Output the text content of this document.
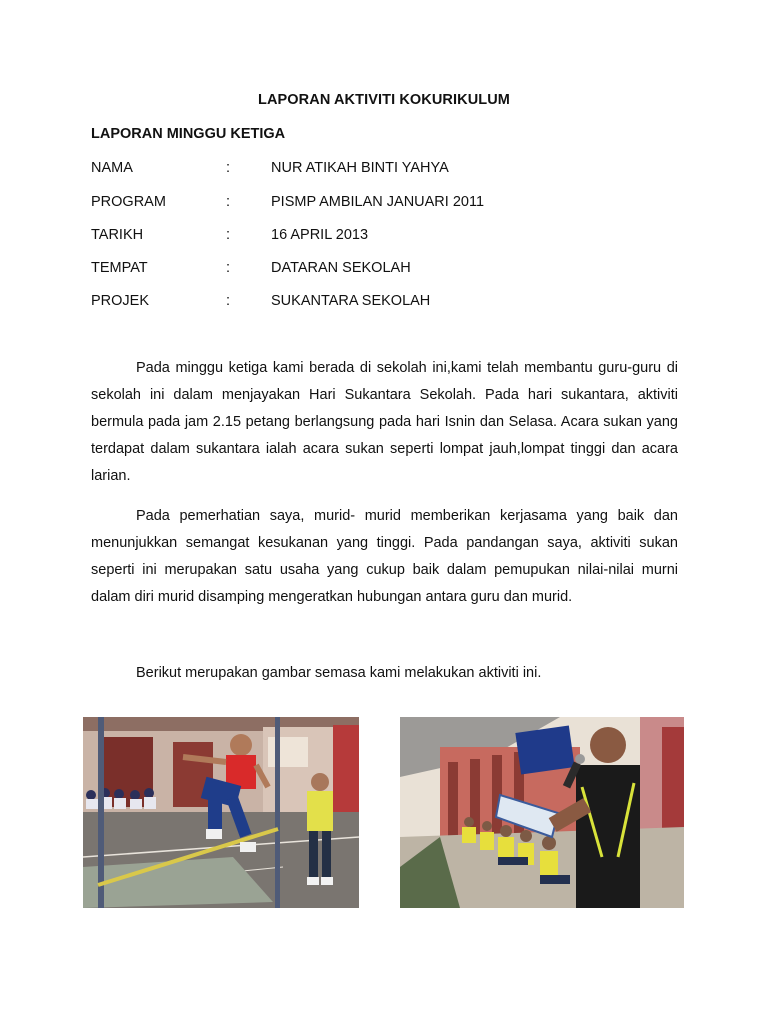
LAPORAN AKTIVITI KOKURIKULUM
LAPORAN MINGGU KETIGA
NAMA	:	NUR ATIKAH BINTI YAHYA
PROGRAM	:	PISMP AMBILAN JANUARI 2011
TARIKH	:	16 APRIL 2013
TEMPAT	:	DATARAN SEKOLAH
PROJEK	:	SUKANTARA SEKOLAH

Pada minggu ketiga kami berada di sekolah ini,kami telah membantu guru-guru di sekolah ini dalam menjayakan Hari Sukantara Sekolah. Pada hari sukantara, aktiviti bermula pada jam 2.15 petang berlangsung pada hari Isnin dan Selasa. Acara sukan yang terdapat dalam sukantara ialah acara sukan seperti lompat jauh,lompat tinggi dan acara larian.

Pada pemerhatian saya, murid- murid memberikan kerjasama yang baik dan menunjukkan semangat kesukanan yang tinggi. Pada pandangan saya, aktiviti sukan seperti ini merupakan satu usaha yang cukup baik dalam pemupukan nilai-nilai murni dalam diri murid disamping mengeratkan hubungan antara guru dan murid.

Berikut merupakan gambar semasa kami melakukan aktiviti ini.
